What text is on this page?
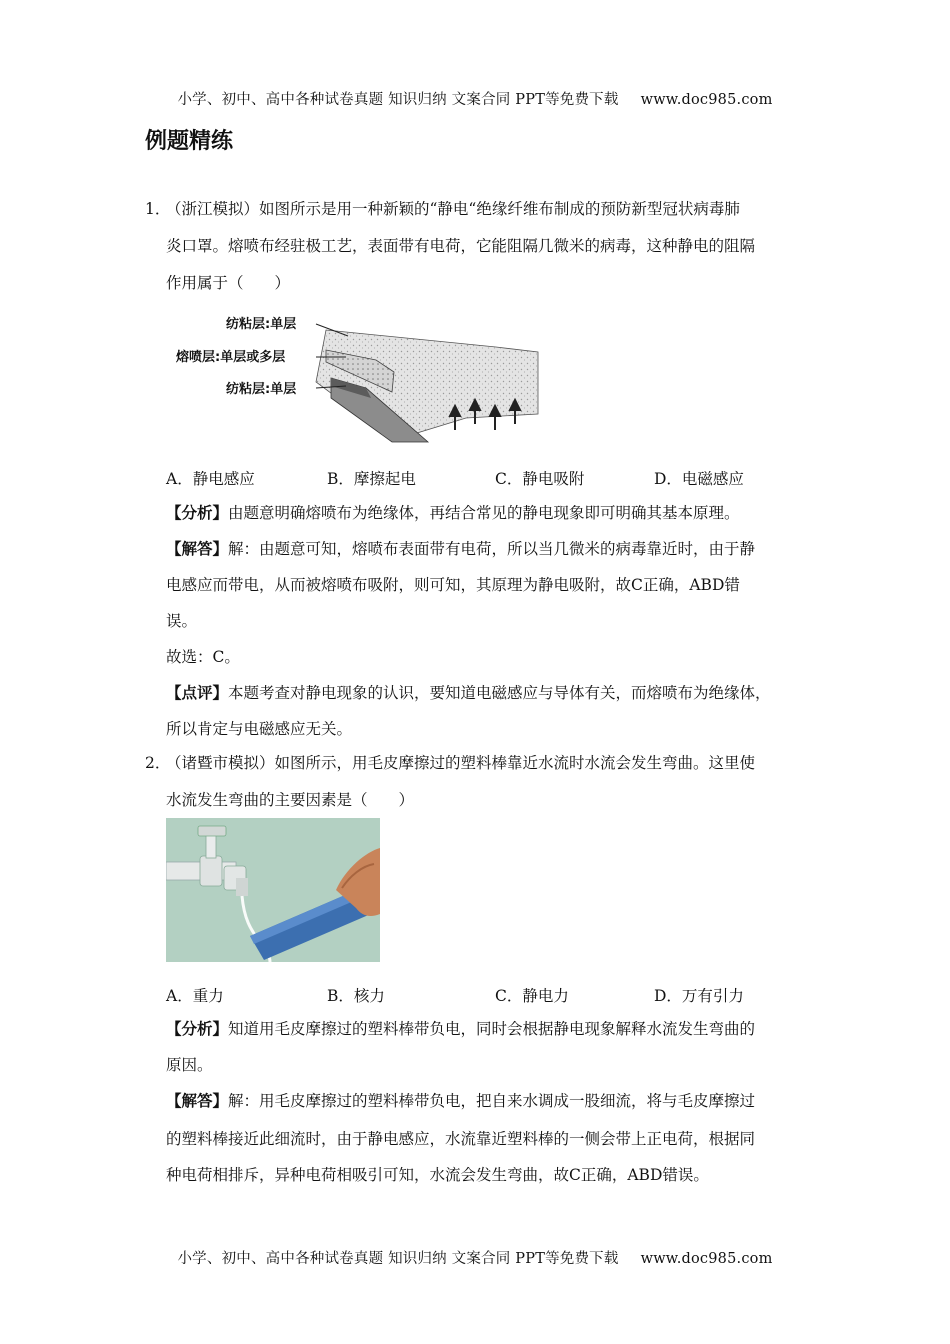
小学、初中、高中各种试卷真题 知识归纳 文案合同 PPT等免费下载 www.doc985.com
例题精练
1．
（浙江模拟）如图所示是用一种新颖的“静电“绝缘纤维布制成的预防新型冠状病毒肺
炎口罩。熔喷布经驻极工艺，表面带有电荷，它能阻隔几微米的病毒，这种静电的阻隔
作用属于（　　）
纺粘层:单层
熔喷层:单层或多层
纺粘层:单层
A．静电感应	B．摩擦起电	C．静电吸附	D．电磁感应
【分析】由题意明确熔喷布为绝缘体，再结合常见的静电现象即可明确其基本原理。
【解答】解：由题意可知，熔喷布表面带有电荷，所以当几微米的病毒靠近时，由于静
电感应而带电，从而被熔喷布吸附，则可知，其原理为静电吸附，故C正确，ABD错
误。
故选：C。
【点评】本题考查对静电现象的认识，要知道电磁感应与导体有关，而熔喷布为绝缘体，
所以肯定与电磁感应无关。
2．
（诸暨市模拟）如图所示，用毛皮摩擦过的塑料棒靠近水流时水流会发生弯曲。这里使
水流发生弯曲的主要因素是（　　）
A．重力	B．核力	C．静电力	D．万有引力
【分析】知道用毛皮摩擦过的塑料棒带负电，同时会根据静电现象解释水流发生弯曲的
原因。
【解答】解：用毛皮摩擦过的塑料棒带负电，把自来水调成一股细流，将与毛皮摩擦过
的塑料棒接近此细流时，由于静电感应，水流靠近塑料棒的一侧会带上正电荷，根据同
种电荷相排斥，异种电荷相吸引可知，水流会发生弯曲，故C正确，ABD错误。
小学、初中、高中各种试卷真题 知识归纳 文案合同 PPT等免费下载 www.doc985.com
